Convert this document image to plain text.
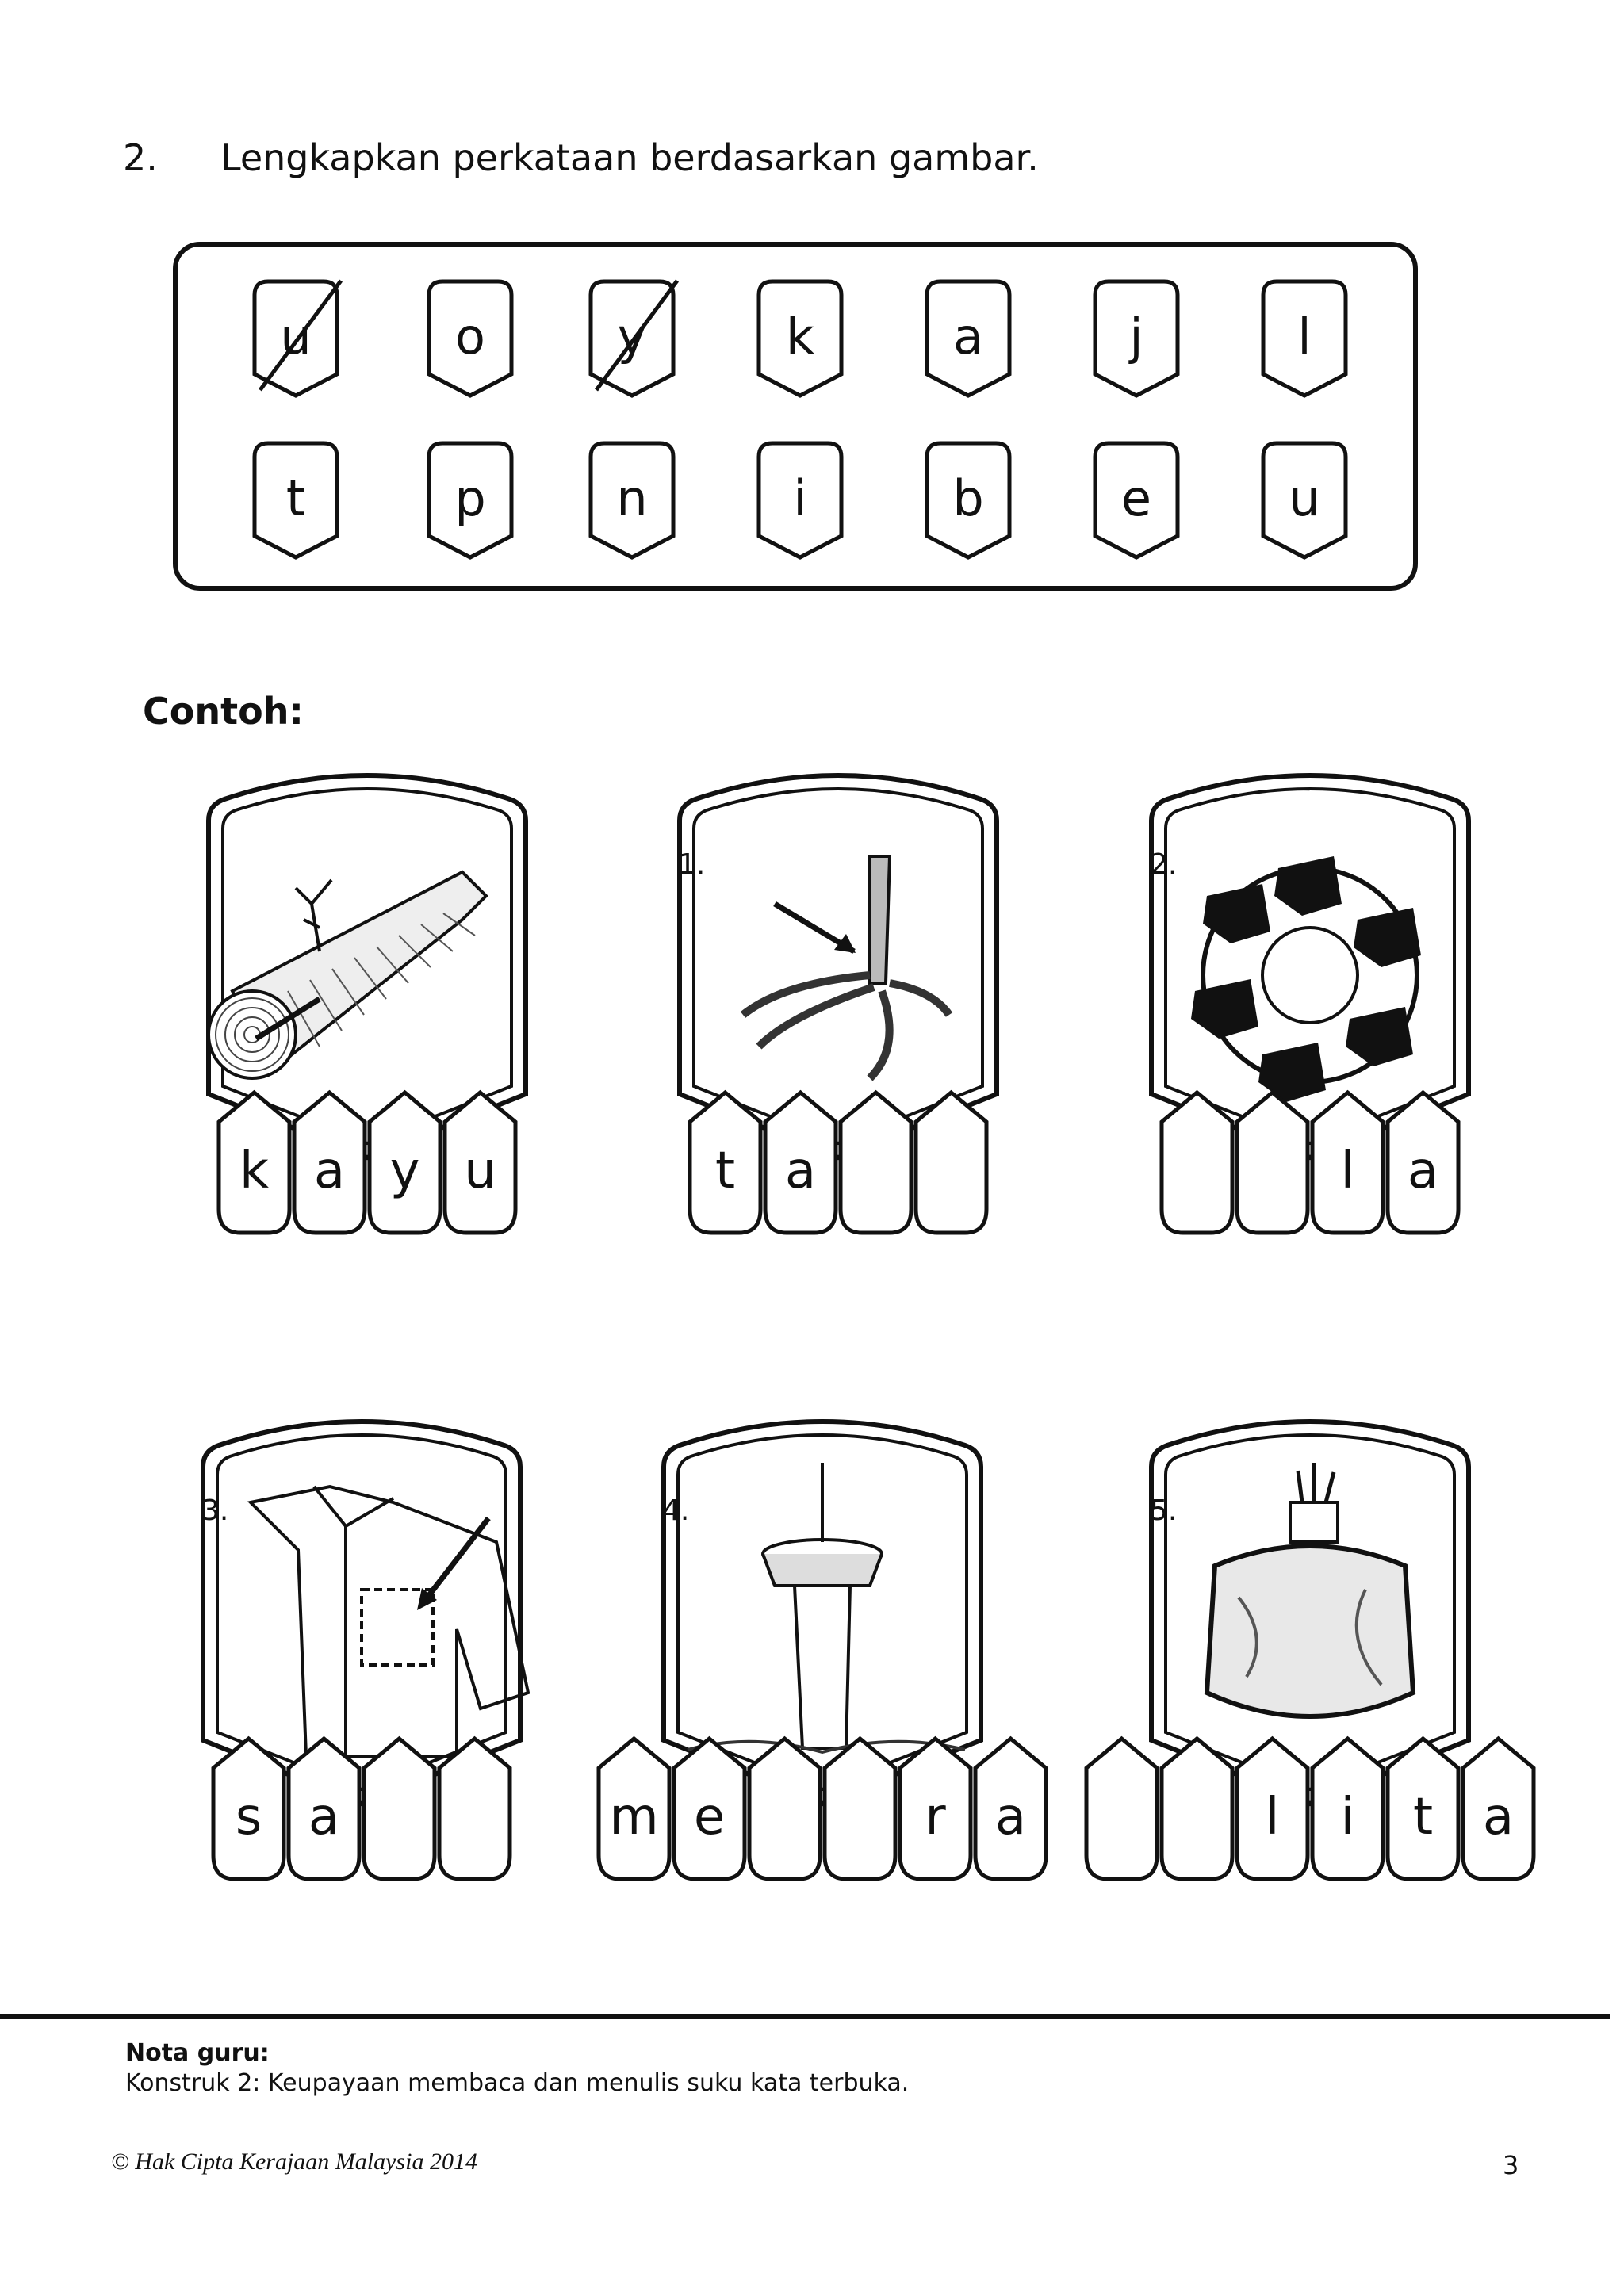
2. Lengkapkan perkataan berdasarkan gambar.
u	o	y	k	a	j	l
t	p	n	i	b	e	u
Contoh:
k a y u
1.
t a
2.
l	a
3.
s a
4.
m e	r a
5.
l	i	t a
Nota guru:
Konstruk 2: Keupayaan membaca dan menulis suku kata terbuka.
© Hak Cipta Kerajaan Malaysia 2014	3
